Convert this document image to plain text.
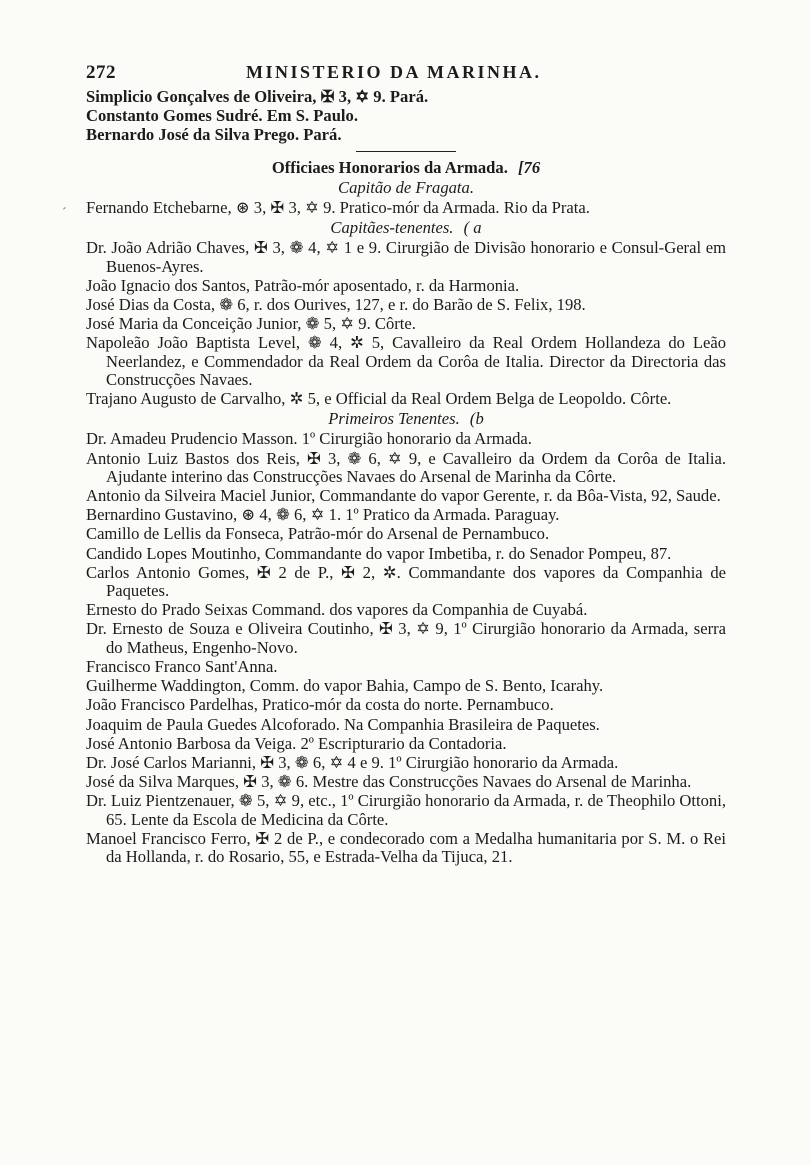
272	MINISTERIO DA MARINHA.
ˊ
Simplicio Gonçalves de Oliveira, ✠ 3, ✡ 9. Pará.
Constanto Gomes Sudré. Em S. Paulo.
Bernardo José da Silva Prego. Pará.
Officiaes Honorarios da Armada. [76
Capitão de Fragata.
Fernando Etchebarne, ⊛ 3, ✠ 3, ✡ 9. Pratico-mór da Armada. Rio da Prata.
Capitães-tenentes. ( a
Dr. João Adrião Chaves, ✠ 3, ❁ 4, ✡ 1 e 9. Cirurgião de Divisão honorario e Consul-Geral em Buenos-Ayres.
João Ignacio dos Santos, Patrão-mór aposentado, r. da Harmonia.
José Dias da Costa, ❁ 6, r. dos Ourives, 127, e r. do Barão de S. Felix, 198.
José Maria da Conceição Junior, ❁ 5, ✡ 9. Côrte.
Napoleão João Baptista Level, ❁ 4, ✲ 5, Cavalleiro da Real Ordem Hollandeza do Leão Neerlandez, e Commendador da Real Ordem da Corôa de Italia. Director da Directoria das Construcções Navaes.
Trajano Augusto de Carvalho, ✲ 5, e Official da Real Ordem Belga de Leopoldo. Côrte.
Primeiros Tenentes. (b
Dr. Amadeu Prudencio Masson. 1º Cirurgião honorario da Armada.
Antonio Luiz Bastos dos Reis, ✠ 3, ❁ 6, ✡ 9, e Cavalleiro da Ordem da Corôa de Italia. Ajudante interino das Construcções Navaes do Arsenal de Marinha da Côrte.
Antonio da Silveira Maciel Junior, Commandante do vapor Gerente, r. da Bôa-Vista, 92, Saude.
Bernardino Gustavino, ⊛ 4, ❁ 6, ✡ 1. 1º Pratico da Armada. Paraguay.
Camillo de Lellis da Fonseca, Patrão-mór do Arsenal de Pernambuco.
Candido Lopes Moutinho, Commandante do vapor Imbetiba, r. do Senador Pompeu, 87.
Carlos Antonio Gomes, ✠ 2 de P., ✠ 2, ✲. Commandante dos vapores da Companhia de Paquetes.
Ernesto do Prado Seixas Command. dos vapores da Companhia de Cuyabá.
Dr. Ernesto de Souza e Oliveira Coutinho, ✠ 3, ✡ 9, 1º Cirurgião honorario da Armada, serra do Matheus, Engenho-Novo.
Francisco Franco Sant'Anna.
Guilherme Waddington, Comm. do vapor Bahia, Campo de S. Bento, Icarahy.
João Francisco Pardelhas, Pratico-mór da costa do norte. Pernambuco.
Joaquim de Paula Guedes Alcoforado. Na Companhia Brasileira de Paquetes.
José Antonio Barbosa da Veiga. 2º Escripturario da Contadoria.
Dr. José Carlos Marianni, ✠ 3, ❁ 6, ✡ 4 e 9. 1º Cirurgião honorario da Armada.
José da Silva Marques, ✠ 3, ❁ 6. Mestre das Construcções Navaes do Arsenal de Marinha.
Dr. Luiz Pientzenauer, ❁ 5, ✡ 9, etc., 1º Cirurgião honorario da Armada, r. de Theophilo Ottoni, 65. Lente da Escola de Medicina da Côrte.
Manoel Francisco Ferro, ✠ 2 de P., e condecorado com a Medalha humanitaria por S. M. o Rei da Hollanda, r. do Rosario, 55, e Estrada-Velha da Tijuca, 21.
